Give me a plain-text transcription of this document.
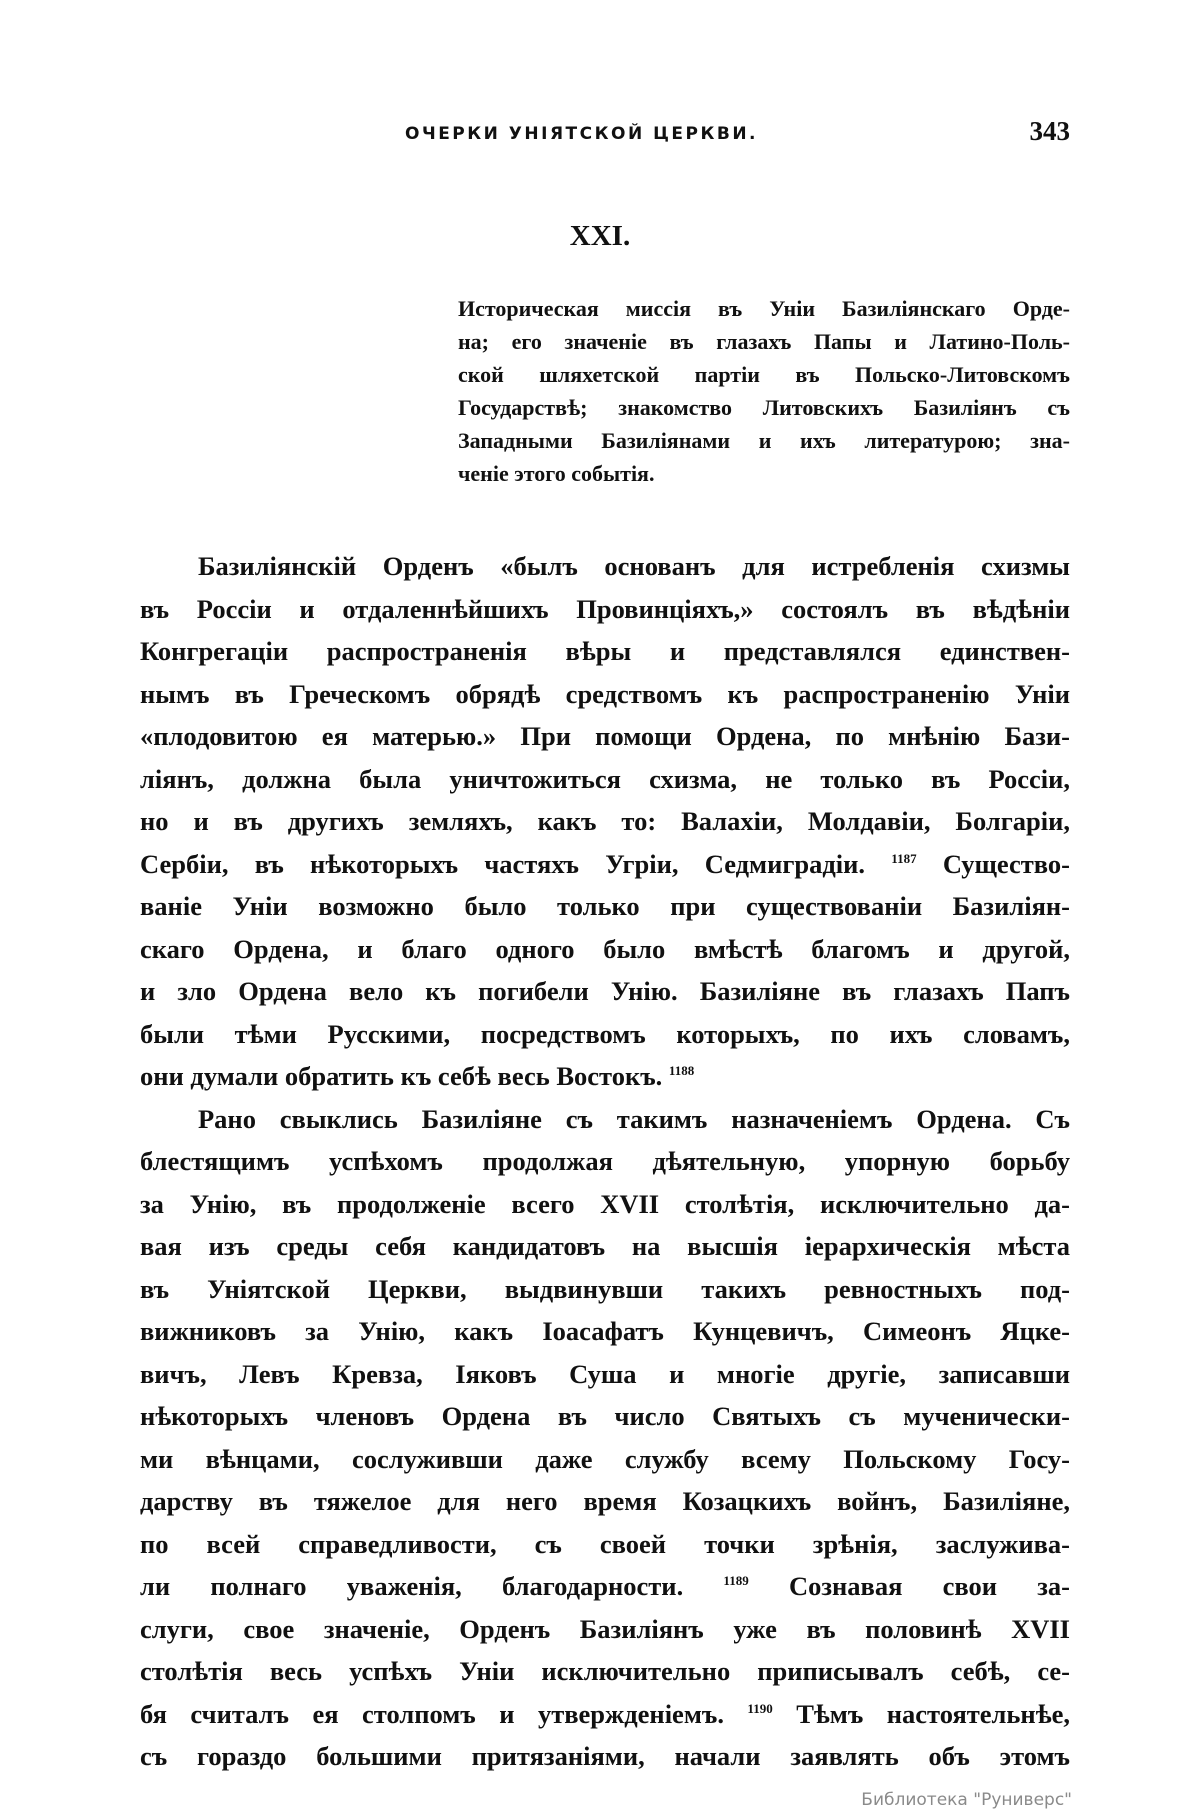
ОЧЕРКИ УНІЯТСКОЙ ЦЕРКВИ.	343
XXI.
Историческая миссія въ Уніи Базиліянскаго Орде-
на; его значеніе въ глазахъ Папы и Латино-Поль-
ской шляхетской партіи въ Польско-Литовскомъ
Государствѣ; знакомство Литовскихъ Базиліянъ съ
Западными Базиліянами и ихъ литературою; зна-
ченіе этого событія.
Базиліянскій Орденъ «былъ основанъ для истребленія схизмы
въ Россіи и отдаленнѣйшихъ Провинціяхъ,» состоялъ въ вѣдѣніи
Конгрегаціи распространенія вѣры и представлялся единствен-
нымъ въ Греческомъ обрядѣ средствомъ къ распространенію Уніи
«плодовитою ея матерью.» При помощи Ордена, по мнѣнію Бази-
ліянъ, должна была уничтожиться схизма, не только въ Россіи,
но и въ другихъ земляхъ, какъ то: Валахіи, Молдавіи, Болгаріи,
Сербіи, въ нѣкоторыхъ частяхъ Угріи, Седмиградіи. $^{1187}$ Существо-
ваніе Уніи возможно было только при существованіи Базиліян-
скаго Ордена, и благо одного было вмѣстѣ благомъ и другой,
и зло Ордена вело къ погибели Унію. Базиліяне въ глазахъ Папъ
были тѣми Русскими, посредствомъ которыхъ, по ихъ словамъ,
они думали обратить къ себѣ весь Востокъ. $^{1188}$
Рано свыклись Базиліяне съ такимъ назначеніемъ Ордена. Съ
блестящимъ успѣхомъ продолжая дѣятельную, упорную борьбу
за Унію, въ продолженіе всего XVII столѣтія, исключительно да-
вая изъ среды себя кандидатовъ на высшія іерархическія мѣста
въ Уніятской Церкви, выдвинувши такихъ ревностныхъ под-
вижниковъ за Унію, какъ Іоасафатъ Кунцевичъ, Симеонъ Яцке-
вичъ, Левъ Кревза, Іяковъ Суша и многіе другіе, записавши
нѣкоторыхъ членовъ Ордена въ число Святыхъ съ мученически-
ми вѣнцами, сослуживши даже службу всему Польскому Госу-
дарству въ тяжелое для него время Козацкихъ войнъ, Базиліяне,
по всей справедливости, съ своей точки зрѣнія, заслужива-
ли полнаго уваженія, благодарности. $^{1189}$ Сознавая свои за-
слуги, свое значеніе, Орденъ Базиліянъ уже въ половинѣ XVII
столѣтія весь успѣхъ Уніи исключительно приписывалъ себѣ, се-
бя считалъ ея столпомъ и утвержденіемъ. $^{1190}$ Тѣмъ настоятельнѣе,
съ гораздо большими притязаніями, начали заявлять объ этомъ
Библиотека "Руниверс"
